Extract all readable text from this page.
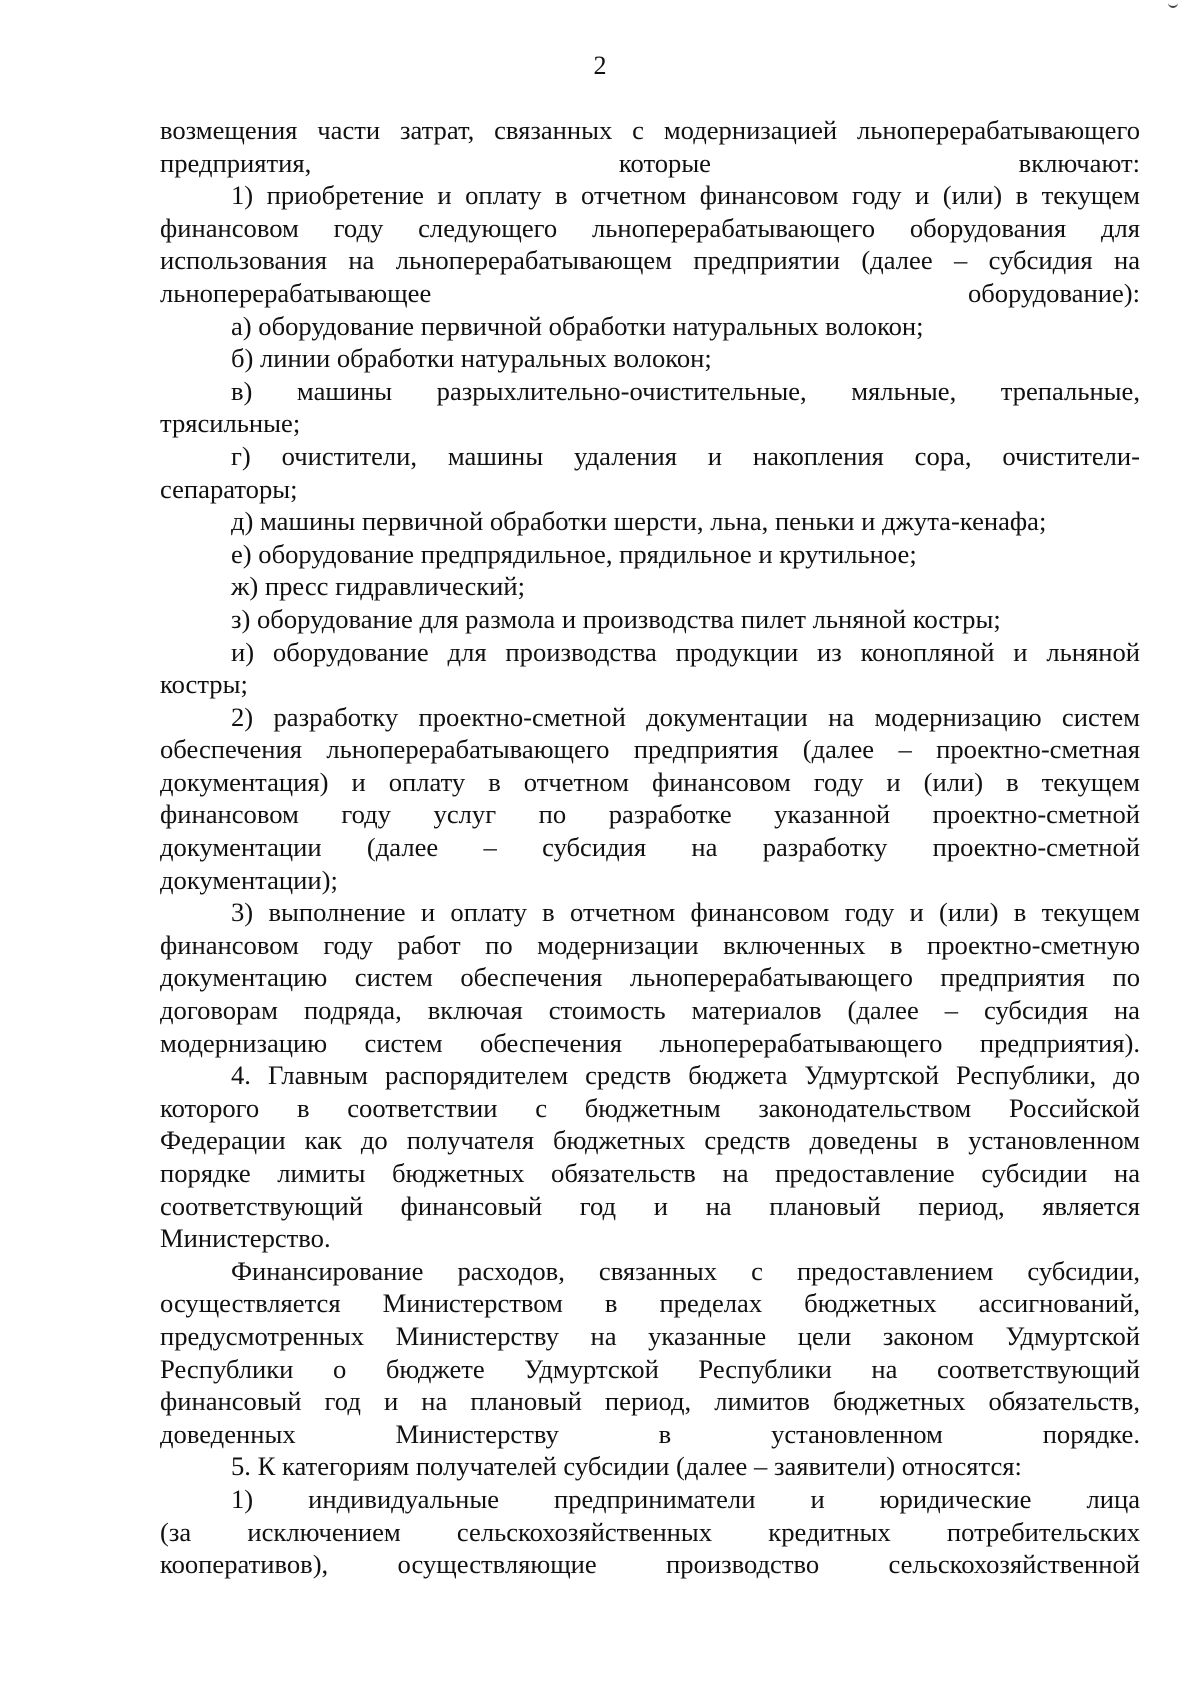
2

возмещения части затрат, связанных с модернизацией льноперерабатывающего
предприятия, которые включают:

1) приобретение и оплату в отчетном финансовом году и (или) в текущем
финансовом году следующего льноперерабатывающего оборудования для
использования на льноперерабатывающем предприятии (далее – субсидия на
льноперерабатывающее оборудование):

а) оборудование первичной обработки натуральных волокон;

б) линии обработки натуральных волокон;

в) машины разрыхлительно-очистительные, мяльные, трепальные,
трясильные;

г) очистители, машины удаления и накопления сора, очистители-
сепараторы;

д) машины первичной обработки шерсти, льна, пеньки и джута-кенафа;

е) оборудование предпрядильное, прядильное и крутильное;

ж) пресс гидравлический;

з) оборудование для размола и производства пилет льняной костры;

и) оборудование для производства продукции из конопляной и льняной
костры;

2) разработку проектно-сметной документации на модернизацию систем
обеспечения льноперерабатывающего предприятия (далее – проектно-сметная
документация) и оплату в отчетном финансовом году и (или) в текущем
финансовом году услуг по разработке указанной проектно-сметной
документации (далее – субсидия на разработку проектно-сметной
документации);

3) выполнение и оплату в отчетном финансовом году и (или) в текущем
финансовом году работ по модернизации включенных в проектно-сметную
документацию систем обеспечения льноперерабатывающего предприятия по
договорам подряда, включая стоимость материалов (далее – субсидия на
модернизацию систем обеспечения льноперерабатывающего предприятия).

4. Главным распорядителем средств бюджета Удмуртской Республики, до
которого в соответствии с бюджетным законодательством Российской
Федерации как до получателя бюджетных средств доведены в установленном
порядке лимиты бюджетных обязательств на предоставление субсидии на
соответствующий финансовый год и на плановый период, является
Министерство.

Финансирование расходов, связанных с предоставлением субсидии,
осуществляется Министерством в пределах бюджетных ассигнований,
предусмотренных Министерству на указанные цели законом Удмуртской
Республики о бюджете Удмуртской Республики на соответствующий
финансовый год и на плановый период, лимитов бюджетных обязательств,
доведенных Министерству в установленном порядке.

5. К категориям получателей субсидии (далее – заявители) относятся:

1) индивидуальные предприниматели и юридические лица
(за исключением сельскохозяйственных кредитных потребительских
кооперативов), осуществляющие производство сельскохозяйственной
